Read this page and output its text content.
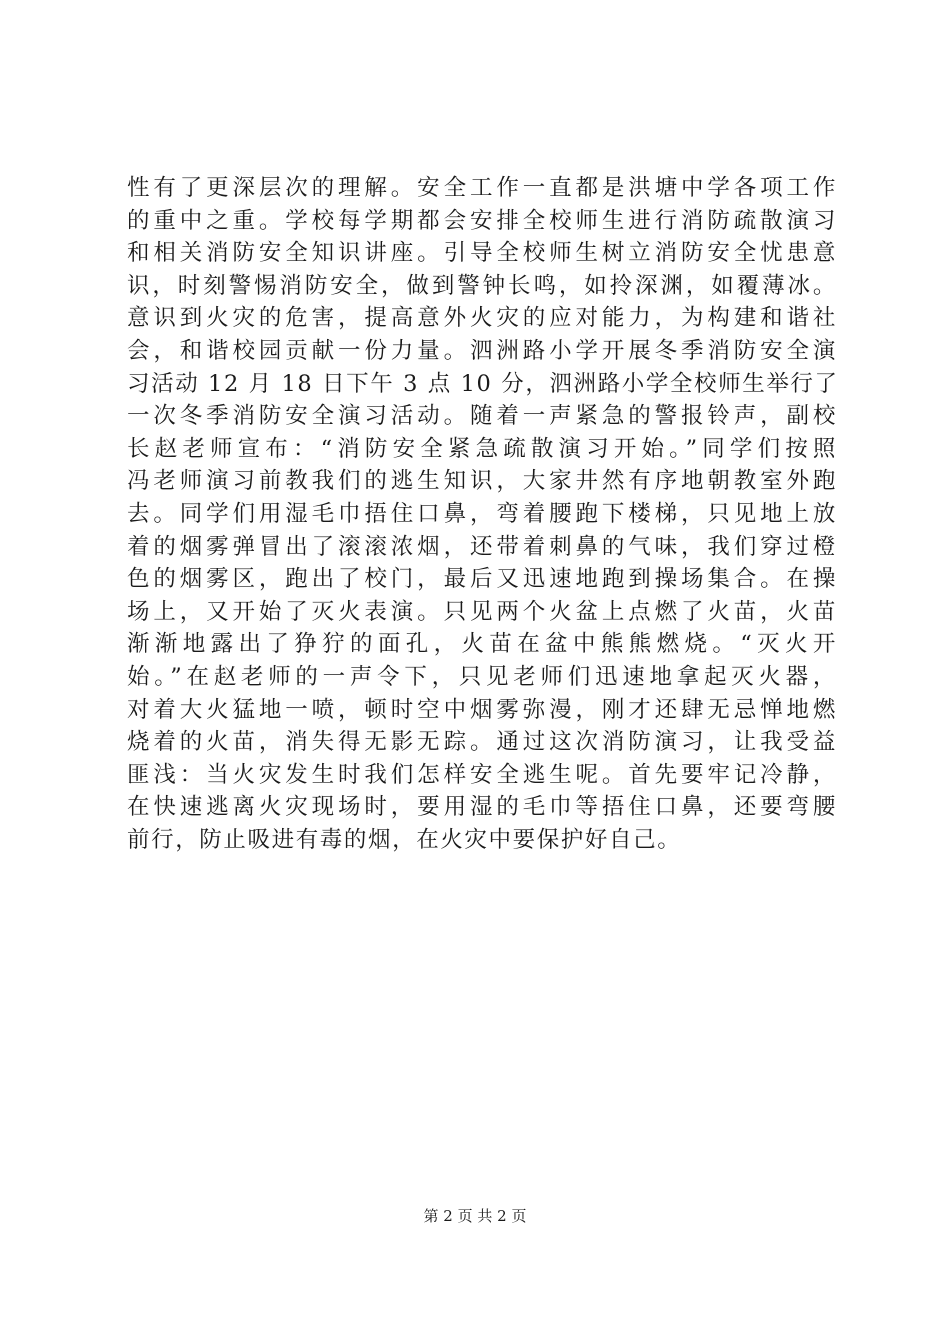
性有了更深层次的理解。安全工作一直都是洪塘中学各项工作
的重中之重。学校每学期都会安排全校师生进行消防疏散演习
和相关消防安全知识讲座。引导全校师生树立消防安全忧患意
识，时刻警惕消防安全，做到警钟长鸣，如拎深渊，如覆薄冰。
意识到火灾的危害，提高意外火灾的应对能力，为构建和谐社
会，和谐校园贡献一份力量。泗洲路小学开展冬季消防安全演
习活动 12 月 18 日下午 3 点 10 分，泗洲路小学全校师生举行了
一次冬季消防安全演习活动。随着一声紧急的警报铃声，副校
长赵老师宣布：“消防安全紧急疏散演习开始。”同学们按照
冯老师演习前教我们的逃生知识，大家井然有序地朝教室外跑
去。同学们用湿毛巾捂住口鼻，弯着腰跑下楼梯，只见地上放
着的烟雾弹冒出了滚滚浓烟，还带着刺鼻的气味，我们穿过橙
色的烟雾区，跑出了校门，最后又迅速地跑到操场集合。在操
场上，又开始了灭火表演。只见两个火盆上点燃了火苗，火苗
渐渐地露出了狰狞的面孔，火苗在盆中熊熊燃烧。“灭火开
始。”在赵老师的一声令下，只见老师们迅速地拿起灭火器，
对着大火猛地一喷，顿时空中烟雾弥漫，刚才还肆无忌惮地燃
烧着的火苗，消失得无影无踪。通过这次消防演习，让我受益
匪浅：当火灾发生时我们怎样安全逃生呢。首先要牢记冷静，
在快速逃离火灾现场时，要用湿的毛巾等捂住口鼻，还要弯腰
前行，防止吸进有毒的烟，在火灾中要保护好自己。
第 2 页 共 2 页
